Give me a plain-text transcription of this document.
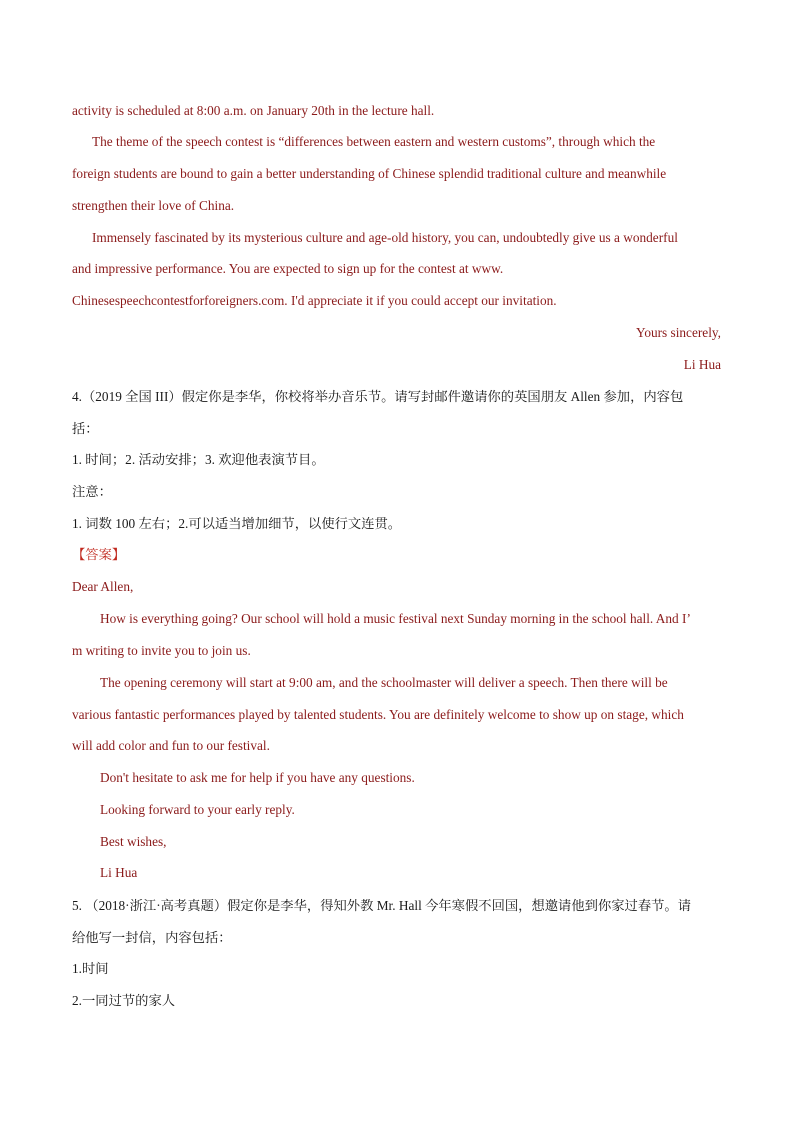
activity is scheduled at 8:00 a.m. on January 20th in the lecture hall.
The theme of the speech contest is “differences between eastern and western customs”, through which the
foreign students are bound to gain a better understanding of Chinese splendid traditional culture and meanwhile
strengthen their love of China.
Immensely fascinated by its mysterious culture and age-old history, you can, undoubtedly give us a wonderful
and impressive performance. You are expected to sign up for the contest at www.
Chinesespeechcontestforforeigners.com. I'd appreciate it if you could accept our invitation.
Yours sincerely,
Li Hua
4.（2019 全国 III）假定你是李华，你校将举办音乐节。请写封邮件邀请你的英国朋友 Allen 参加，内容包
括：
1. 时间；2. 活动安排；3. 欢迎他表演节目。
注意：
1. 词数 100 左右；2.可以适当增加细节，以使行文连贯。
【答案】
Dear Allen,
How is everything going? Our school will hold a music festival next Sunday morning in the school hall. And I’
m writing to invite you to join us.
The opening ceremony will start at 9:00 am, and the schoolmaster will deliver a speech. Then there will be
various fantastic performances played by talented students. You are definitely welcome to show up on stage, which
will add color and fun to our festival.
Don't hesitate to ask me for help if you have any questions.
Looking forward to your early reply.
Best wishes,
Li Hua
5. （2018·浙江·高考真题）假定你是李华，得知外教 Mr. Hall 今年寒假不回国，想邀请他到你家过春节。请
给他写一封信，内容包括：
1.时间
2.一同过节的家人
